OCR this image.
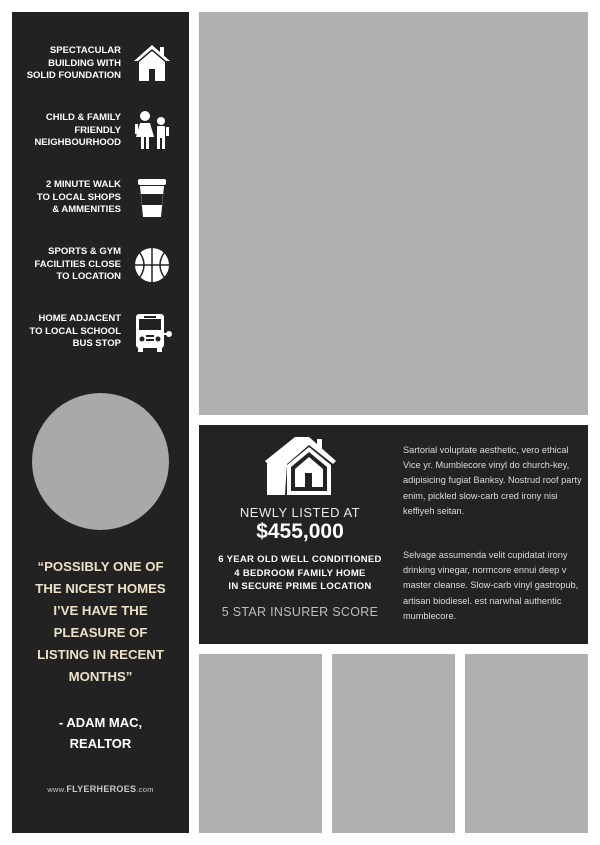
SPECTACULAR
BUILDING WITH
SOLID FOUNDATION
CHILD & FAMILY
FRIENDLY
NEIGHBOURHOOD
2 MINUTE WALK
TO LOCAL SHOPS
& AMMENITIES
SPORTS & GYM
FACILITIES CLOSE
TO LOCATION
HOME ADJACENT
TO LOCAL SCHOOL
BUS STOP
“POSSIBLY ONE OF
THE NICEST HOMES
I’VE HAVE THE
PLEASURE OF
LISTING IN RECENT
MONTHS”
- ADAM MAC,
REALTOR
www.FLYERHEROES.com
NEWLY LISTED AT
$455,000
6 YEAR OLD WELL CONDITIONED
4 BEDROOM FAMILY HOME
IN SECURE PRIME LOCATION
5 STAR INSURER SCORE
Sartorial voluptate aesthetic, vero ethical Vice yr. Mumblecore vinyl do church-key, adipisicing fugiat Banksy. Nostrud roof party enim, pickled slow-carb cred irony nisi keffiyeh seitan.
Selvage assumenda velit cupidatat irony drinking vinegar, normcore ennui deep v master cleanse. Slow-carb vinyl gastropub, artisan biodiesel. est narwhal authentic mumblecore.
